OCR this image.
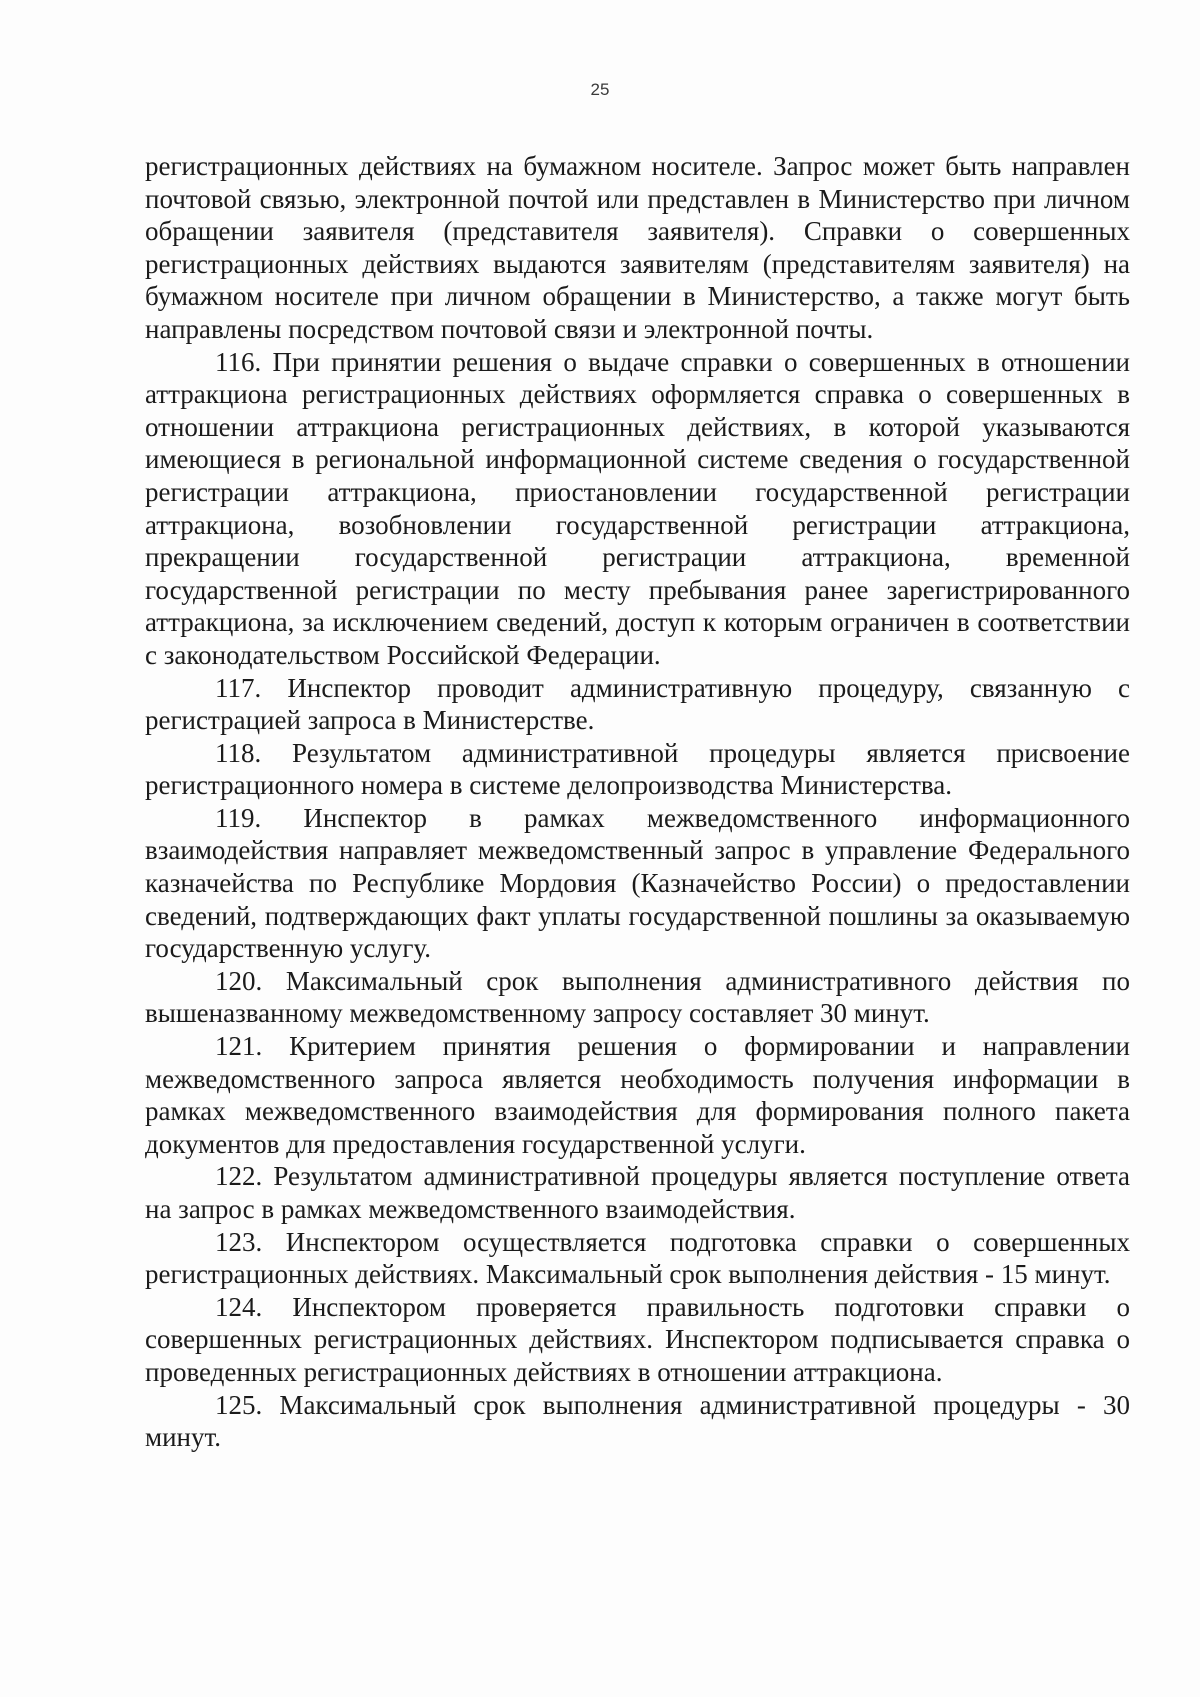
25

регистрационных действиях на бумажном носителе. Запрос может быть направлен почтовой связью, электронной почтой или представлен в Министерство при личном обращении заявителя (представителя заявителя). Справки о совершенных регистрационных действиях выдаются заявителям (представителям заявителя) на бумажном носителе при личном обращении в Министерство, а также могут быть направлены посредством почтовой связи и электронной почты.

116. При принятии решения о выдаче справки о совершенных в отношении аттракциона регистрационных действиях оформляется справка о совершенных в отношении аттракциона регистрационных действиях, в которой указываются имеющиеся в региональной информационной системе сведения о государственной регистрации аттракциона, приостановлении государственной регистрации аттракциона, возобновлении государственной регистрации аттракциона, прекращении государственной регистрации аттракциона, временной государственной регистрации по месту пребывания ранее зарегистрированного аттракциона, за исключением сведений, доступ к которым ограничен в соответствии с законодательством Российской Федерации.

117. Инспектор проводит административную процедуру, связанную с регистрацией запроса в Министерстве.

118. Результатом административной процедуры является присвоение регистрационного номера в системе делопроизводства Министерства.

119. Инспектор в рамках межведомственного информационного взаимодействия направляет межведомственный запрос в управление Федерального казначейства по Республике Мордовия (Казначейство России) о предоставлении сведений, подтверждающих факт уплаты государственной пошлины за оказываемую государственную услугу.

120. Максимальный срок выполнения административного действия по вышеназванному межведомственному запросу составляет 30 минут.

121. Критерием принятия решения о формировании и направлении межведомственного запроса является необходимость получения информации в рамках межведомственного взаимодействия для формирования полного пакета документов для предоставления государственной услуги.

122. Результатом административной процедуры является поступление ответа на запрос в рамках межведомственного взаимодействия.

123. Инспектором осуществляется подготовка справки о совершенных регистрационных действиях. Максимальный срок выполнения действия - 15 минут.

124. Инспектором проверяется правильность подготовки справки о совершенных регистрационных действиях. Инспектором подписывается справка о проведенных регистрационных действиях в отношении аттракциона.

125. Максимальный срок выполнения административной процедуры - 30 минут.
